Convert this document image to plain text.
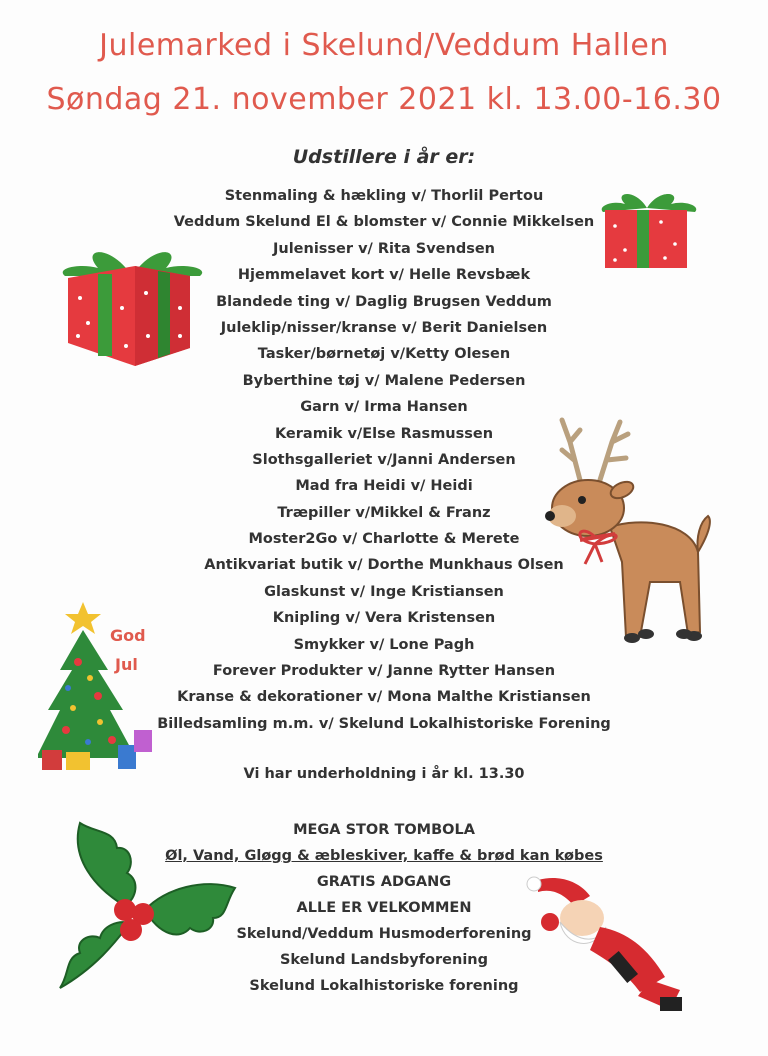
Julemarked i Skelund/Veddum Hallen
Søndag 21. november 2021 kl. 13.00-16.30
Udstillere i år er:
Stenmaling & hækling v/ Thorlil Pertou
Veddum Skelund El & blomster v/ Connie Mikkelsen
Julenisser v/ Rita Svendsen
Hjemmelavet kort v/ Helle Revsbæk
Blandede ting v/ Daglig Brugsen Veddum
Juleklip/nisser/kranse v/ Berit Danielsen
Tasker/børnetøj v/Ketty Olesen
Byberthine tøj v/ Malene Pedersen
Garn v/ Irma Hansen
Keramik v/Else Rasmussen
Slothsgalleriet v/Janni Andersen
Mad fra Heidi v/ Heidi
Træpiller v/Mikkel & Franz
Moster2Go v/ Charlotte & Merete
Antikvariat butik v/ Dorthe Munkhaus Olsen
Glaskunst v/ Inge Kristiansen
Knipling v/ Vera Kristensen
Smykker v/ Lone Pagh
Forever Produkter v/ Janne Rytter Hansen
Kranse & dekorationer v/ Mona Malthe Kristiansen
Billedsamling m.m. v/ Skelund Lokalhistoriske Forening
Vi har underholdning i år kl. 13.30
MEGA STOR TOMBOLA
Øl, Vand, Gløgg & æbleskiver, kaffe & brød kan købes
GRATIS ADGANG
ALLE ER VELKOMMEN
Skelund/Veddum Husmoderforening
Skelund Landsbyforening
Skelund Lokalhistoriske forening
God
Jul
